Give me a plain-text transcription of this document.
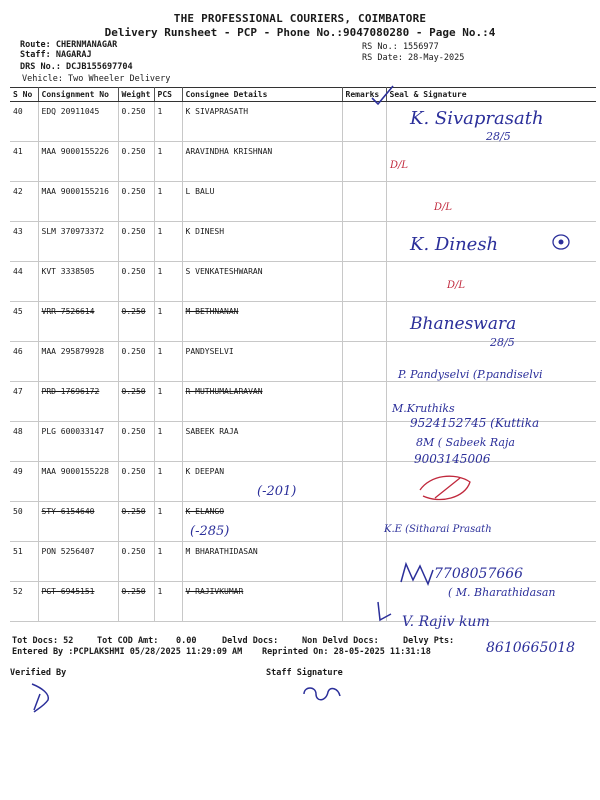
THE PROFESSIONAL COURIERS, COIMBATORE
Delivery Runsheet - PCP - Phone No.:9047080280 - Page No.:4
Route: CHERNMANAGAR
Staff: NAGARAJ
DRS No.: DCJB155697704
Vehicle: Two Wheeler Delivery
RS No.: 1556977
RS Date: 28-May-2025
S No	Consignment No	Weight	PCS	Consignee Details	Remarks	Seal & Signature
40	EDQ 20911045	0.250	1	K SIVAPRASATH		
41	MAA 9000155226	0.250	1	ARAVINDHA KRISHNAN		
42	MAA 9000155216	0.250	1	L BALU		
43	SLM 370973372	0.250	1	K DINESH		
44	KVT 3338505	0.250	1	S VENKATESHWARAN		
45	VRR 7526614	0.250	1	M BETHNANAN		
46	MAA 295879928	0.250	1	PANDYSELVI		
47	PRD 17696172	0.250	1	R MUTHUMALARAVAN		
48	PLG 600033147	0.250	1	SABEEK RAJA		
49	MAA 9000155228	0.250	1	K DEEPAN		
50	STY 6154640	0.250	1	K ELANGO		
51	PON 5256407	0.250	1	M BHARATHIDASAN		
52	PGT 6945151	0.250	1	V RAJIVKUMAR		
K. Sivaprasath
28/5
D/L
D/L
K. Dinesh
D/L
Bhaneswara
28/5
P. Pandyselvi (P.pandiselvi
M.Kruthiks
9524152745 (Kuttika
8M ( Sabeek Raja
9003145006
(-201)
(-285)	K.E (Sitharai Prasath
7708057666
( M. Bharathidasan
V. Rajiv kum
8610665018
Tot Docs: 52	Tot COD Amt: 0.00	Delvd Docs:	Non Delvd Docs:	Delvy Pts:
Entered By :PCPLAKSHMI 05/28/2025 11:29:09 AM Reprinted On: 28-05-2025 11:31:18
Verified By	Staff Signature
